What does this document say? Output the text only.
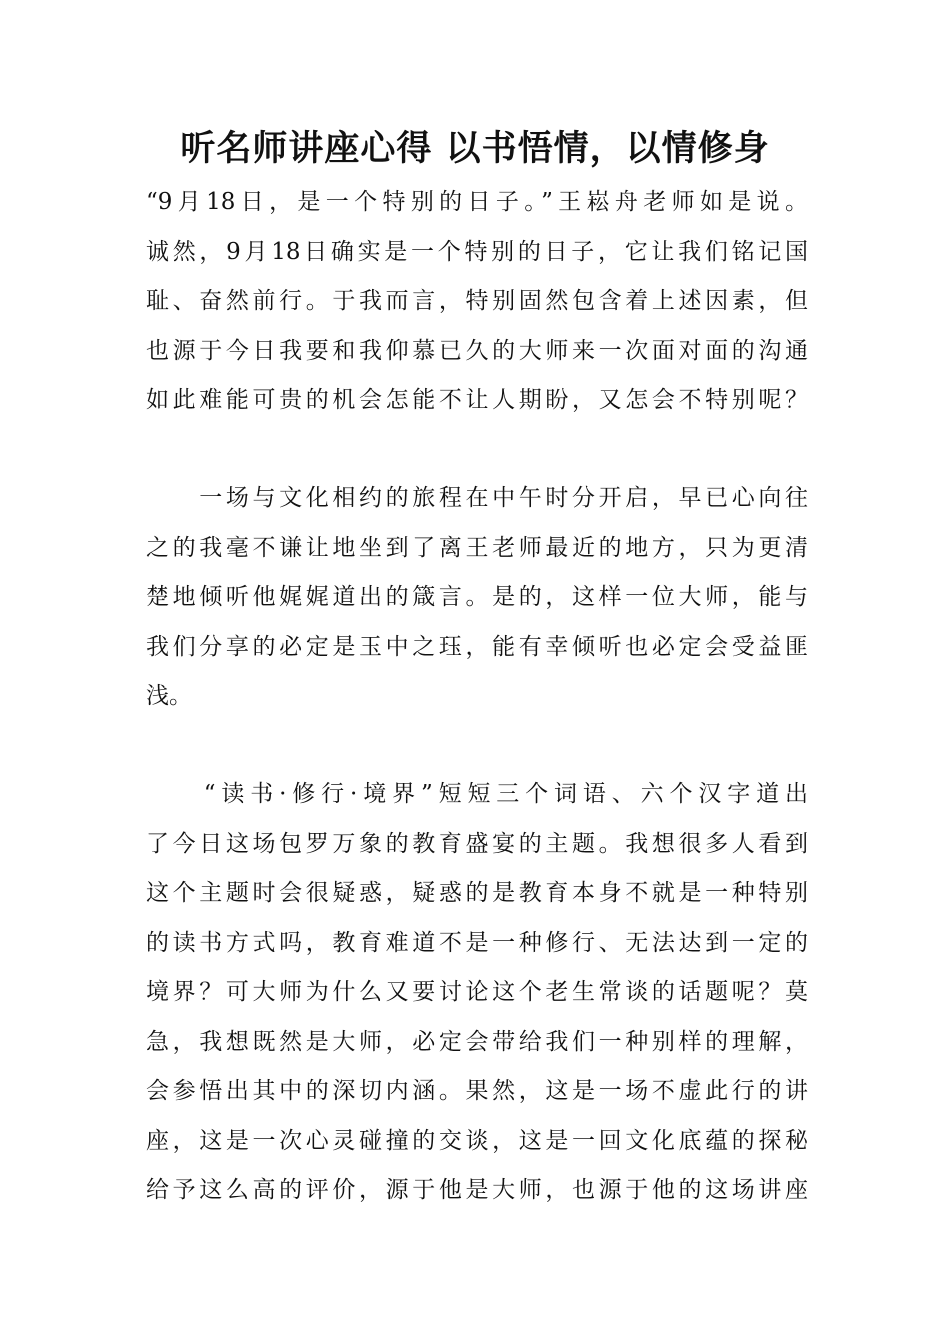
听名师讲座心得 以书悟情，以情修身
“9月18日，是一个特别的日子。”王崧舟老师如是说。
诚然，9月18日确实是一个特别的日子，它让我们铭记国
耻、奋然前行。于我而言，特别固然包含着上述因素，但
也源于今日我要和我仰慕已久的大师来一次面对面的沟通
如此难能可贵的机会怎能不让人期盼，又怎会不特别呢？
　　一场与文化相约的旅程在中午时分开启，早已心向往
之的我毫不谦让地坐到了离王老师最近的地方，只为更清
楚地倾听他娓娓道出的箴言。是的，这样一位大师，能与
我们分享的必定是玉中之珏，能有幸倾听也必定会受益匪
浅。
　　“读书·修行·境界”短短三个词语、六个汉字道出
了今日这场包罗万象的教育盛宴的主题。我想很多人看到
这个主题时会很疑惑，疑惑的是教育本身不就是一种特别
的读书方式吗，教育难道不是一种修行、无法达到一定的
境界？可大师为什么又要讨论这个老生常谈的话题呢？莫
急，我想既然是大师，必定会带给我们一种别样的理解，
会参悟出其中的深切内涵。果然，这是一场不虚此行的讲
座，这是一次心灵碰撞的交谈，这是一回文化底蕴的探秘
给予这么高的评价，源于他是大师，也源于他的这场讲座
